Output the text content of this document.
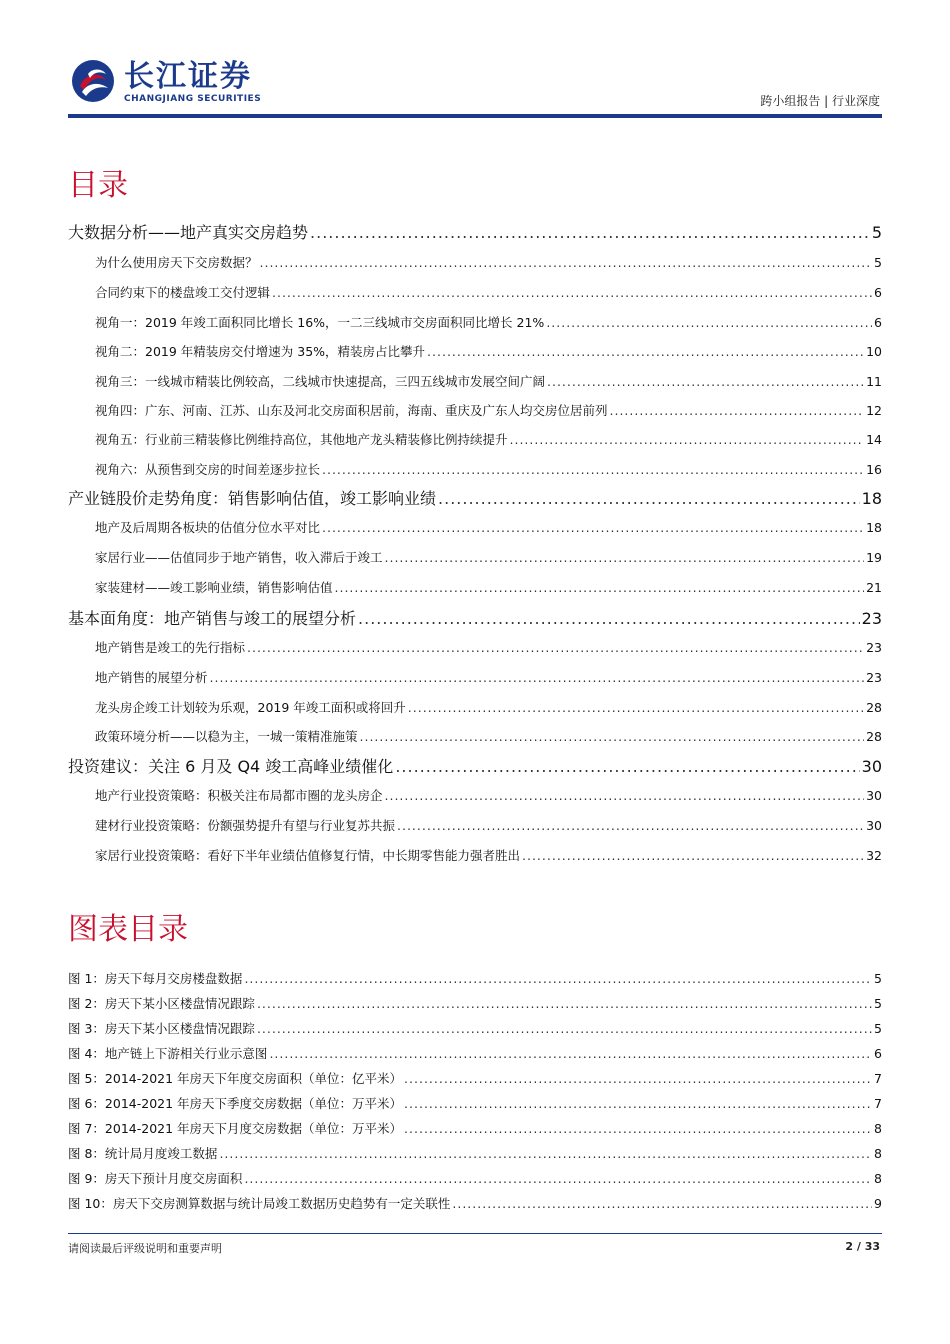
长江证券
CHANGJIANG SECURITIES	跨小组报告 | 行业深度
目录
大数据分析——地产真实交房趋势 .....	5
为什么使用房天下交房数据？ .....	5
合同约束下的楼盘竣工交付逻辑 .....	6
视角一：2019 年竣工面积同比增长 16%，一二三线城市交房面积同比增长 21% .....	6
视角二：2019 年精装房交付增速为 35%，精装房占比攀升 .....	10
视角三：一线城市精装比例较高，二线城市快速提高，三四五线城市发展空间广阔 .....	11
视角四：广东、河南、江苏、山东及河北交房面积居前，海南、重庆及广东人均交房位居前列 .....	12
视角五：行业前三精装修比例维持高位，其他地产龙头精装修比例持续提升 .....	14
视角六：从预售到交房的时间差逐步拉长 .....	16
产业链股价走势角度：销售影响估值，竣工影响业绩 .....	18
地产及后周期各板块的估值分位水平对比 .....	18
家居行业——估值同步于地产销售，收入滞后于竣工 .....	19
家装建材——竣工影响业绩，销售影响估值 .....	21
基本面角度：地产销售与竣工的展望分析 .....	23
地产销售是竣工的先行指标 .....	23
地产销售的展望分析 .....	23
龙头房企竣工计划较为乐观，2019 年竣工面积或将回升 .....	28
政策环境分析——以稳为主，一城一策精准施策 .....	28
投资建议：关注 6 月及 Q4 竣工高峰业绩催化 .....	30
地产行业投资策略：积极关注布局都市圈的龙头房企 .....	30
建材行业投资策略：份额强势提升有望与行业复苏共振 .....	30
家居行业投资策略：看好下半年业绩估值修复行情，中长期零售能力强者胜出 .....	32
图表目录
图 1：房天下每月交房楼盘数据 .....	5
图 2：房天下某小区楼盘情况跟踪 .....	5
图 3：房天下某小区楼盘情况跟踪 .....	5
图 4：地产链上下游相关行业示意图 .....	6
图 5：2014-2021 年房天下年度交房面积（单位：亿平米） .....	7
图 6：2014-2021 年房天下季度交房数据（单位：万平米） .....	7
图 7：2014-2021 年房天下月度交房数据（单位：万平米） .....	8
图 8：统计局月度竣工数据 .....	8
图 9：房天下预计月度交房面积 .....	8
图 10：房天下交房测算数据与统计局竣工数据历史趋势有一定关联性 .....	9
请阅读最后评级说明和重要声明	2 / 33
